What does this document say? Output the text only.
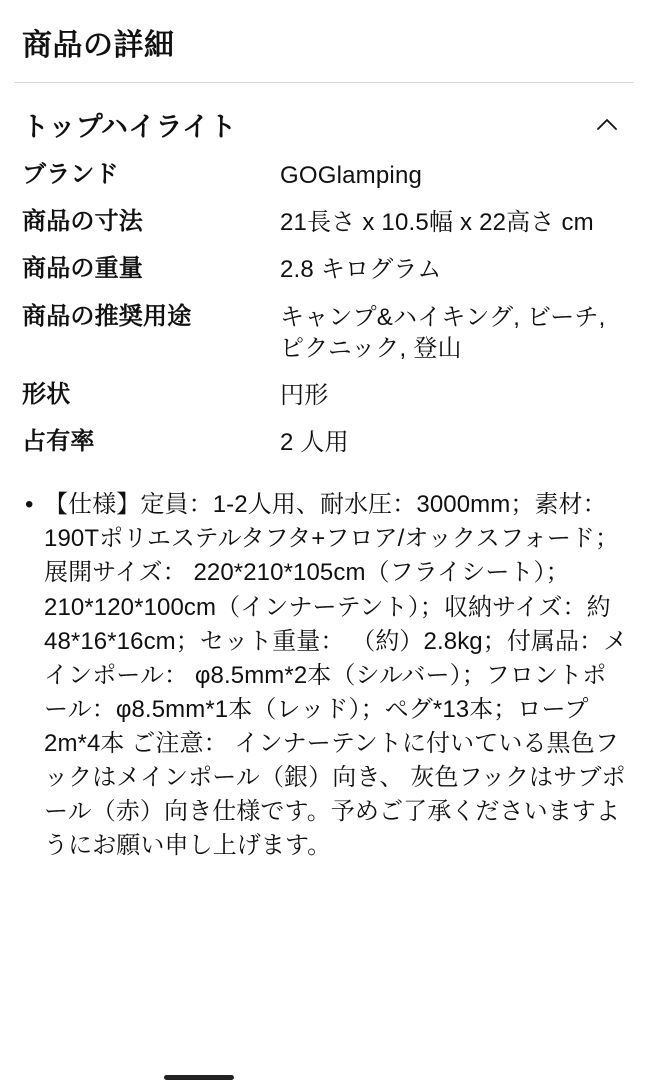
商品の詳細
トップハイライト
ブランド	GOGlamping
商品の寸法	21長さ x 10.5幅 x 22高さ cm
商品の重量	2.8 キログラム
商品の推奨用途	キャンプ&ハイキング, ビーチ, ピクニック, 登山
形状	円形
占有率	2 人用
• 【仕様】定員：1-2人用、耐水圧：3000mm；素材：190Tポリエステルタフタ+フロア/オックスフォード；展開サイズ： 220*210*105cm（フライシート）； 210*120*100cm（インナーテント）；収納サイズ：約48*16*16cm；セット重量： （約）2.8kg；付属品：メインポール： φ8.5mm*2本（シルバー）；フロントポール：φ8.5mm*1本（レッド）；ペグ*13本；ロープ2m*4本 ご注意： インナーテントに付いている黒色フックはメインポール（銀）向き、 灰色フックはサブポール（赤）向き仕様です。予めご了承くださいますようにお願い申し上げます。
